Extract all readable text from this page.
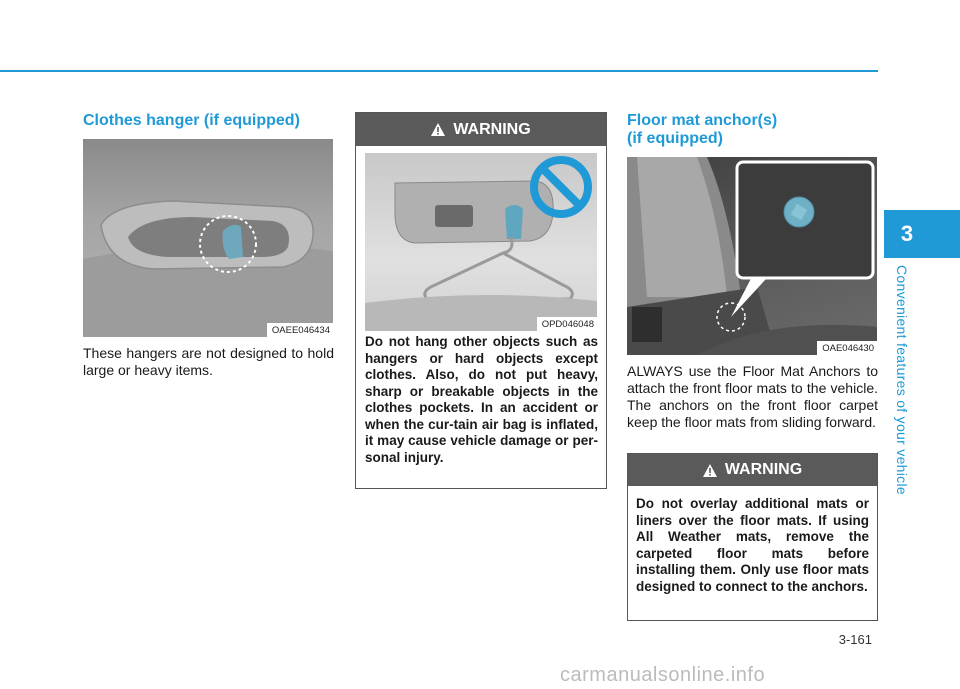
3
Convenient features of your vehicle
Clothes hanger (if equipped)
OAEE046434

These hangers are not designed to hold large or heavy items.

WARNING
OPD046048

Do not hang other objects such as hangers or hard objects except clothes. Also, do not put heavy, sharp or breakable objects in the clothes pockets. In an accident or when the cur-tain air bag is inflated, it may cause vehicle damage or per-sonal injury.

Floor mat anchor(s)
(if equipped)
OAE046430

ALWAYS use the Floor Mat Anchors to attach the front floor mats to the vehicle. The anchors on the front floor carpet keep the floor mats from sliding forward.

WARNING

Do not overlay additional mats or liners over the floor mats. If using All Weather mats, remove the carpeted floor mats before installing them. Only use floor mats designed to connect to the anchors.

3-161
carmanualsonline.info
